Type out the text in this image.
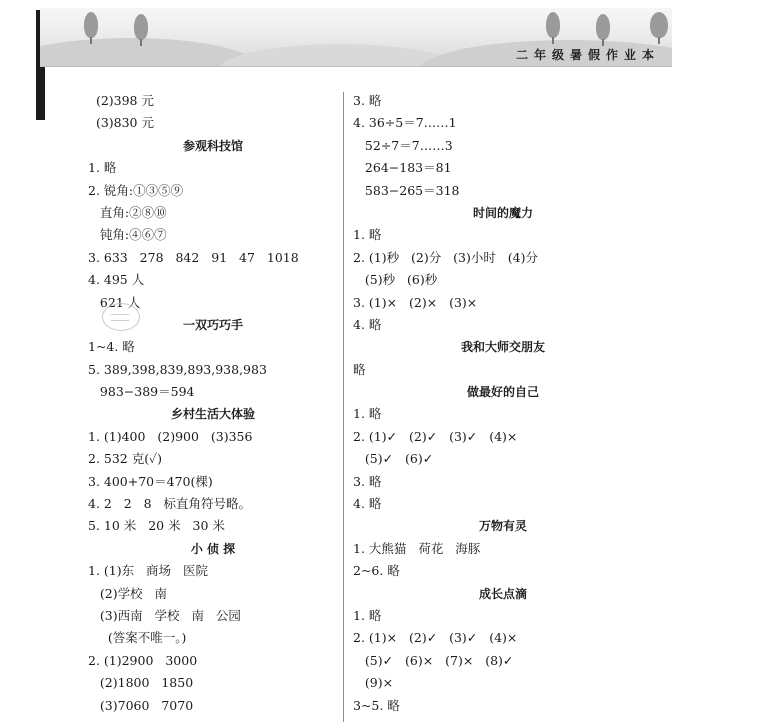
二年级暑假作业本
(2)398 元
(3)830 元
参观科技馆
1. 略
2. 锐角:①③⑤⑨
直角:②⑧⑩
钝角:④⑥⑦
3. 633   278   842   91   47   1018
4. 495 人
621 人
一双巧巧手
1~4. 略
5. 389,398,839,893,938,983
983−389＝594
乡村生活大体验
1. (1)400   (2)900   (3)356
2. 532 克(✓)
3. 400+70＝470(棵)
4. 2   2   8   标直角符号略。
5. 10 米   20 米   30 米
小 侦 探
1. (1)东   商场   医院
(2)学校   南
(3)西南   学校   南   公园
(答案不唯一。)
2. (1)2900   3000
(2)1800   1850
(3)7060   7070
3. 略
4. 36÷5＝7……1
52÷7＝7……3
264−183＝81
583−265＝318
时间的魔力
1. 略
2. (1)秒   (2)分   (3)小时   (4)分
(5)秒   (6)秒
3. (1)×   (2)×   (3)×
4. 略
我和大师交朋友
略
做最好的自己
1. 略
2. (1)✓   (2)✓   (3)✓   (4)×
(5)✓   (6)✓
3. 略
4. 略
万物有灵
1. 大熊猫   荷花   海豚
2~6. 略
成长点滴
1. 略
2. (1)×   (2)✓   (3)✓   (4)×
(5)✓   (6)×   (7)×   (8)✓
(9)×
3~5. 略
